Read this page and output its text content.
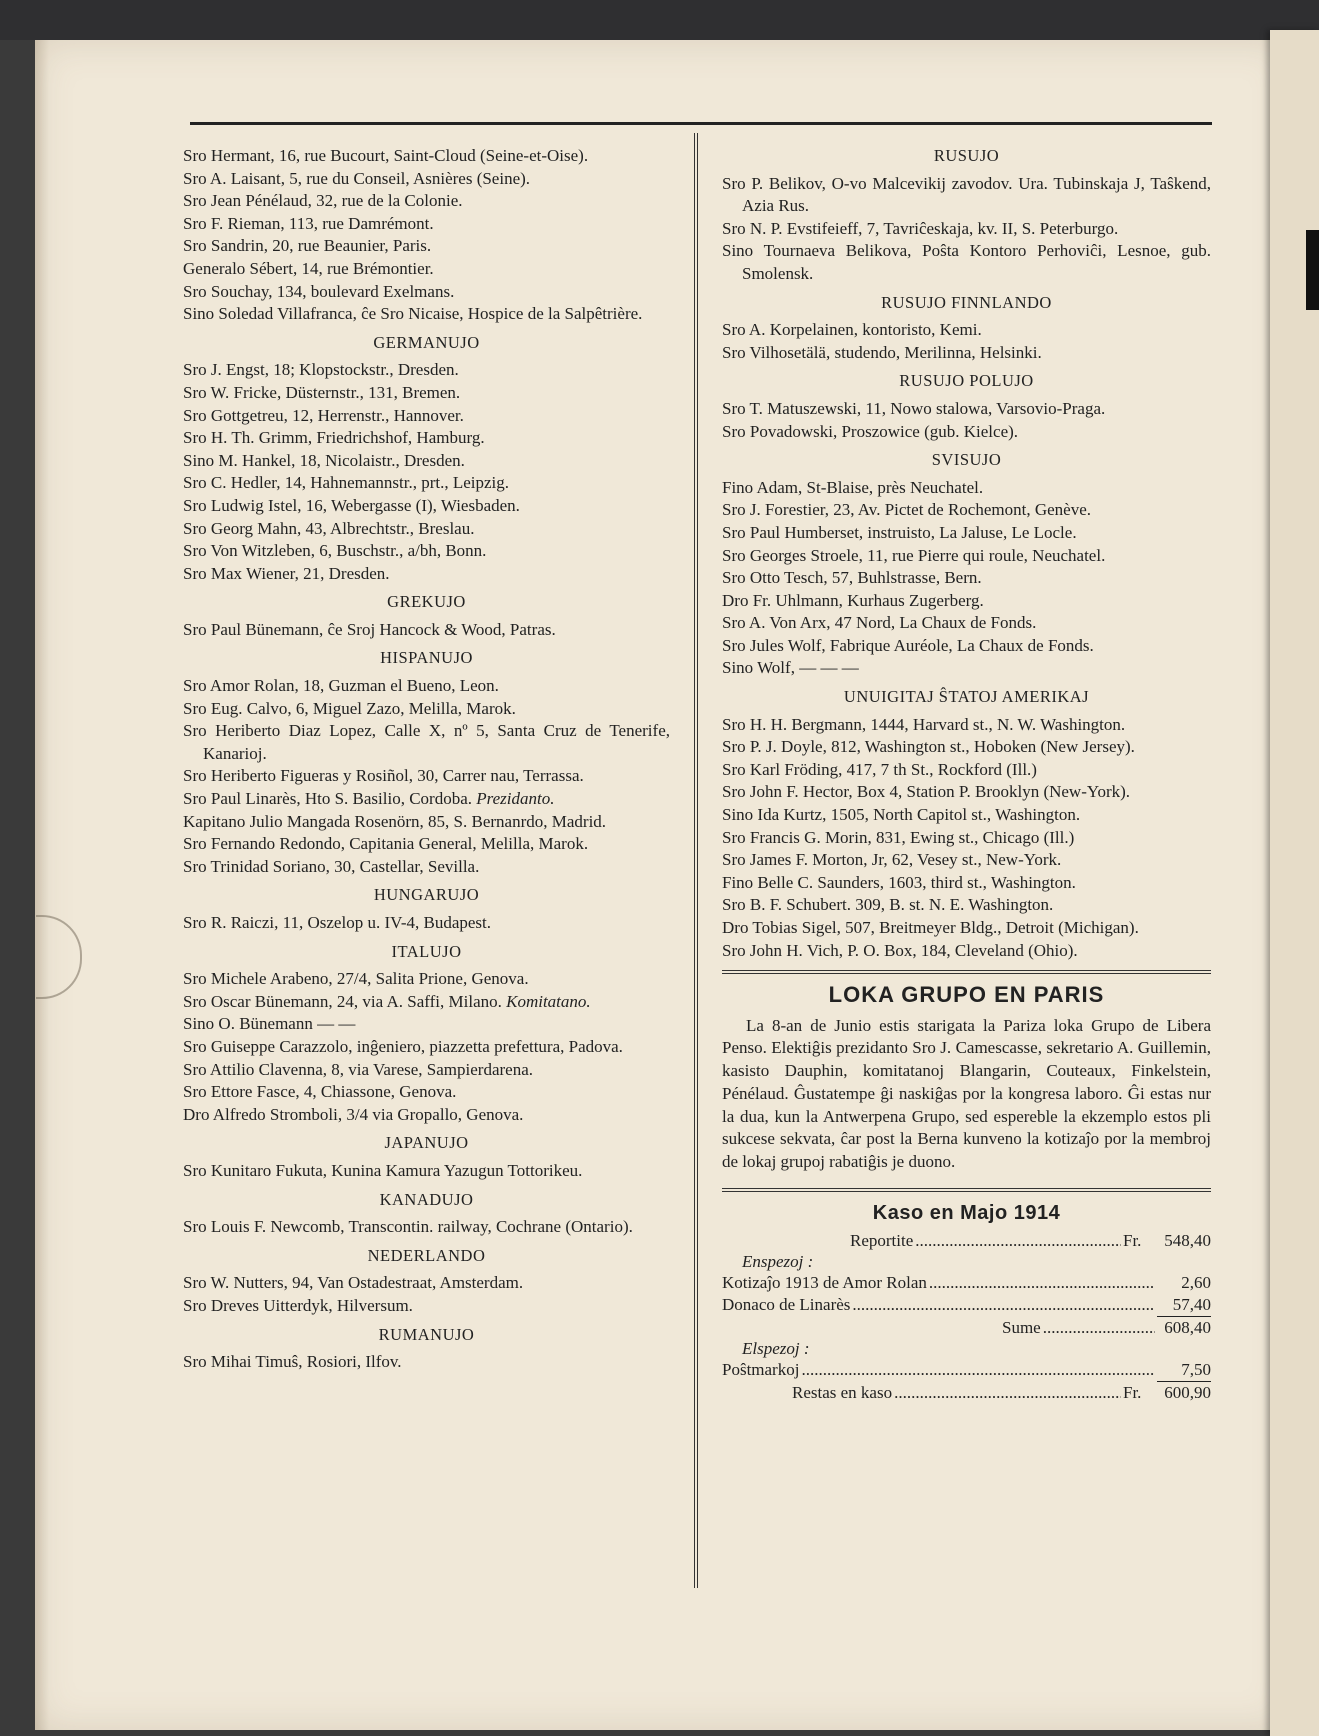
Sro Hermant, 16, rue Bucourt, Saint-Cloud (Seine-et-Oise).
Sro A. Laisant, 5, rue du Conseil, Asnières (Seine).
Sro Jean Pénélaud, 32, rue de la Colonie.
Sro F. Rieman, 113, rue Damrémont.
Sro Sandrin, 20, rue Beaunier, Paris.
Generalo Sébert, 14, rue Brémontier.
Sro Souchay, 134, boulevard Exelmans.
Sino Soledad Villafranca, ĉe Sro Nicaise, Hospice de la Salpêtrière.
GERMANUJO
Sro J. Engst, 18; Klopstockstr., Dresden.
Sro W. Fricke, Düsternstr., 131, Bremen.
Sro Gottgetreu, 12, Herrenstr., Hannover.
Sro H. Th. Grimm, Friedrichshof, Hamburg.
Sino M. Hankel, 18, Nicolaistr., Dresden.
Sro C. Hedler, 14, Hahnemannstr., prt., Leipzig.
Sro Ludwig Istel, 16, Webergasse (I), Wiesbaden.
Sro Georg Mahn, 43, Albrechtstr., Breslau.
Sro Von Witzleben, 6, Buschstr., a/bh, Bonn.
Sro Max Wiener, 21, Dresden.
GREKUJO
Sro Paul Bünemann, ĉe Sroj Hancock & Wood, Patras.
HISPANUJO
Sro Amor Rolan, 18, Guzman el Bueno, Leon.
Sro Eug. Calvo, 6, Miguel Zazo, Melilla, Marok.
Sro Heriberto Diaz Lopez, Calle X, nº 5, Santa Cruz de Tenerife, Kanarioj.
Sro Heriberto Figueras y Rosiñol, 30, Carrer nau, Terrassa.
Sro Paul Linarès, Hto S. Basilio, Cordoba. Prezidanto.
Kapitano Julio Mangada Rosenörn, 85, S. Bernanrdo, Madrid.
Sro Fernando Redondo, Capitania General, Melilla, Marok.
Sro Trinidad Soriano, 30, Castellar, Sevilla.
HUNGARUJO
Sro R. Raiczi, 11, Oszelop u. IV-4, Budapest.
ITALUJO
Sro Michele Arabeno, 27/4, Salita Prione, Genova.
Sro Oscar Bünemann, 24, via A. Saffi, Milano. Komitatano.
Sino O. Bünemann — —
Sro Guiseppe Carazzolo, inĝeniero, piazzetta prefettura, Padova.
Sro Attilio Clavenna, 8, via Varese, Sampierdarena.
Sro Ettore Fasce, 4, Chiassone, Genova.
Dro Alfredo Stromboli, 3/4 via Gropallo, Genova.
JAPANUJO
Sro Kunitaro Fukuta, Kunina Kamura Yazugun Tottorikeu.
KANADUJO
Sro Louis F. Newcomb, Transcontin. railway, Cochrane (Ontario).
NEDERLANDO
Sro W. Nutters, 94, Van Ostadestraat, Amsterdam.
Sro Dreves Uitterdyk, Hilversum.
RUMANUJO
Sro Mihai Timuŝ, Rosiori, Ilfov.
RUSUJO
Sro P. Belikov, O-vo Malcevikij zavodov. Ura. Tubinskaja J, Taŝkend, Azia Rus.
Sro N. P. Evstifeieff, 7, Tavriĉeskaja, kv. II, S. Peterburgo.
Sino Tournaeva Belikova, Poŝta Kontoro Perhoviĉi, Lesnoe, gub. Smolensk.
RUSUJO FINNLANDO
Sro A. Korpelainen, kontoristo, Kemi.
Sro Vilhosetälä, studendo, Merilinna, Helsinki.
RUSUJO POLUJO
Sro T. Matuszewski, 11, Nowo stalowa, Varsovio-Praga.
Sro Povadowski, Proszowice (gub. Kielce).
SVISUJO
Fino Adam, St-Blaise, près Neuchatel.
Sro J. Forestier, 23, Av. Pictet de Rochemont, Genève.
Sro Paul Humberset, instruisto, La Jaluse, Le Locle.
Sro Georges Stroele, 11, rue Pierre qui roule, Neuchatel.
Sro Otto Tesch, 57, Buhlstrasse, Bern.
Dro Fr. Uhlmann, Kurhaus Zugerberg.
Sro A. Von Arx, 47 Nord, La Chaux de Fonds.
Sro Jules Wolf, Fabrique Auréole, La Chaux de Fonds.
Sino Wolf, — — —
UNUIGITAJ ŜTATOJ AMERIKAJ
Sro H. H. Bergmann, 1444, Harvard st., N. W. Washington.
Sro P. J. Doyle, 812, Washington st., Hoboken (New Jersey).
Sro Karl Fröding, 417, 7 th St., Rockford (Ill.)
Sro John F. Hector, Box 4, Station P. Brooklyn (New-York).
Sino Ida Kurtz, 1505, North Capitol st., Washington.
Sro Francis G. Morin, 831, Ewing st., Chicago (Ill.)
Sro James F. Morton, Jr, 62, Vesey st., New-York.
Fino Belle C. Saunders, 1603, third st., Washington.
Sro B. F. Schubert. 309, B. st. N. E. Washington.
Dro Tobias Sigel, 507, Breitmeyer Bldg., Detroit (Michigan).
Sro John H. Vich, P. O. Box, 184, Cleveland (Ohio).
LOKA GRUPO EN PARIS

La 8-an de Junio estis starigata la Pariza loka Grupo de Libera Penso. Elektiĝis prezidanto Sro J. Camescasse, sekretario A. Guillemin, kasisto Dauphin, komitatanoj Blangarin, Couteaux, Finkelstein, Pénélaud. Ĝustatempe ĝi naskiĝas por la kongresa laboro. Ĝi estas nur la dua, kun la Antwerpena Grupo, sed espereble la ekzemplo estos pli sukcese sekvata, ĉar post la Berna kunveno la kotizaĵo por la membroj de lokaj grupoj rabatiĝis je duono.

Kaso en Majo 1914
Reportite .....	Fr.	548,40
Enspezoj :
Kotizaĵo 1913 de Amor Rolan .....	2,60
Donaco de Linarès .....	57,40
Sume .....	608,40
Elspezoj :
Poŝtmarkoj .....	7,50
Restas en kaso .....	Fr.	600,90
